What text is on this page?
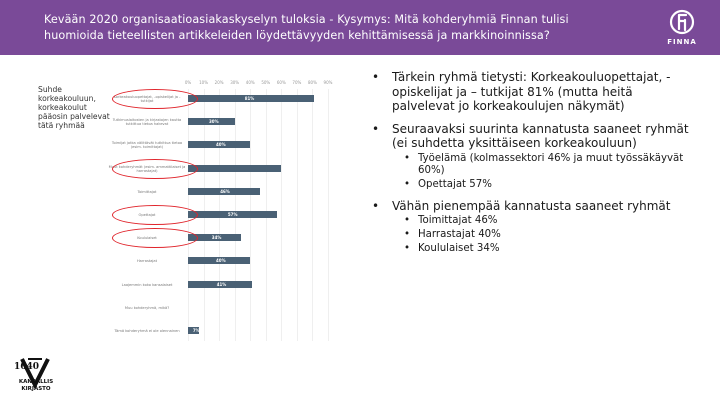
Kevään 2020 organisaatioasiakaskyselyn tuloksia - Kysymys: Mitä kohderyhmiä Finnan tulisi huomioida tieteellisten artikkeleiden löydettävyyden kehittämisessä ja markkinoinnissa?	FINNA
Suhde korkeakouluun, korkeakoulut pääosin palvelevat tätä ryhmää
0% 10% 20% 30% 40% 50% 60% 70% 80% 90%
Korkeakouluopettajat, -opiskelijat ja -tutkijat	81%
Tutkimuslaitosten ja kirjastojen kautta tutkittua tietoa hakevat	30%
Toimijat jotka välittävät tutkittua tietoa (esim. toimittajat)	40%
Muut kohderyhmät (esim. ammattilaiset ja harrastajat)
Toimittajat	46%
Opettajat	57%
Koululaiset	34%
Harrastajat	40%
Laajemmin koko kansalaiset	41%
Muu kohderyhmä, mikä?
Tämä kohderyhmä ei ole olennainen	7%
• Tärkein ryhmä tietysti: Korkeakouluopettajat, -opiskelijat ja – tutkijat 81% (mutta heitä palvelevat jo korkeakoulujen näkymät)
• Seuraavaksi suurinta kannatusta saaneet ryhmät (ei suhdetta yksittäiseen korkeakouluun)
• Työelämä (kolmassektori 46% ja muut työssäkäyvät 60%)
• Opettajat 57%
• Vähän pienempää kannatusta saaneet ryhmät
• Toimittajat 46%
• Harrastajat 40%
• Koululaiset 34%
1640
KANSALLIS KIRJASTO
